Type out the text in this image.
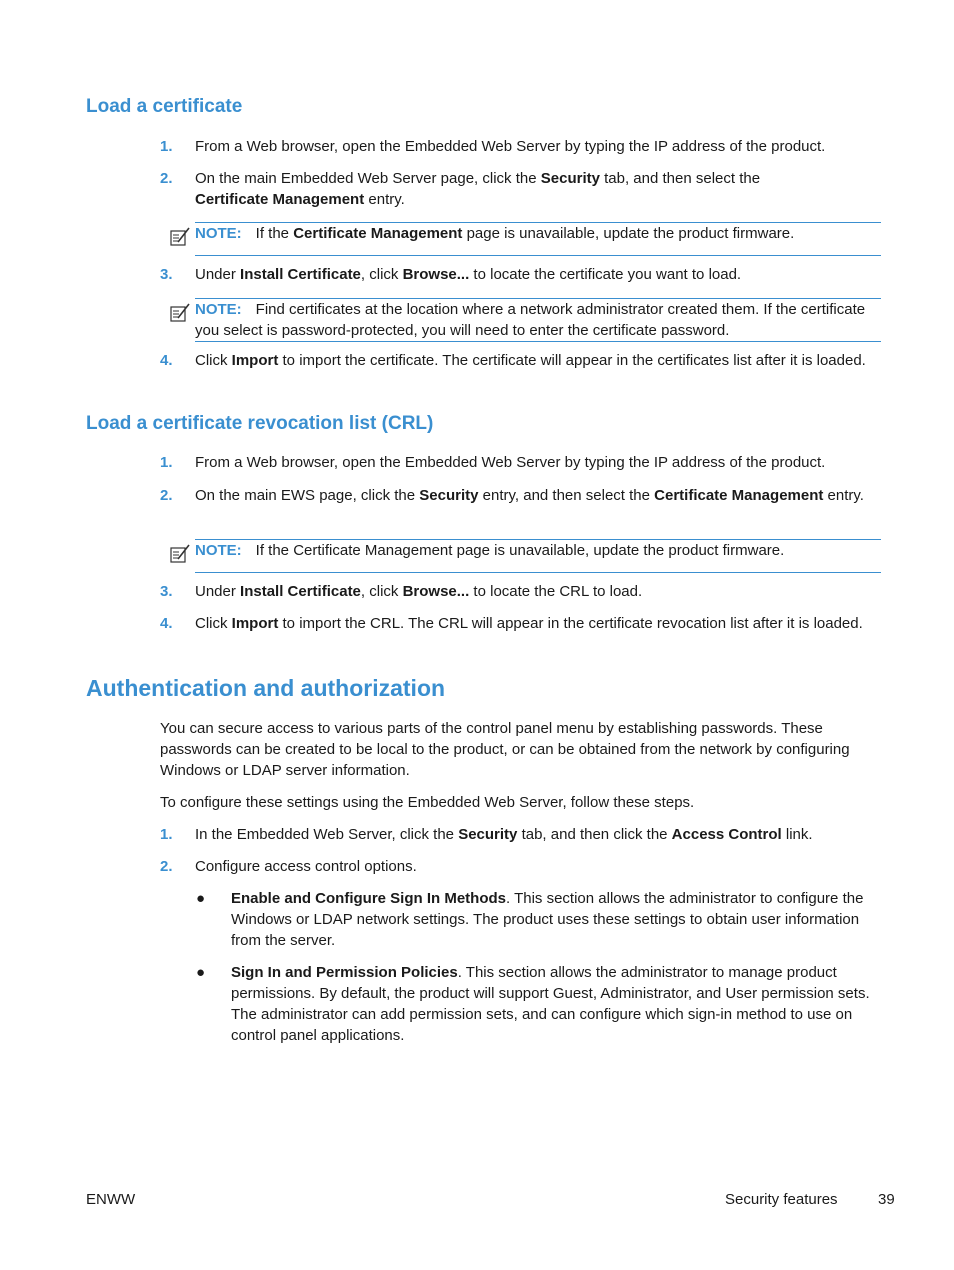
Load a certificate
1.	From a Web browser, open the Embedded Web Server by typing the IP address of the product.
2.	On the main Embedded Web Server page, click the Security tab, and then select the
Certificate Management entry.
NOTE: If the Certificate Management page is unavailable, update the product firmware.
3.	Under Install Certificate, click Browse... to locate the certificate you want to load.
NOTE: Find certificates at the location where a network administrator created them. If the certificate you select is password-protected, you will need to enter the certificate password.
4.	Click Import to import the certificate. The certificate will appear in the certificates list after it is loaded.
Load a certificate revocation list (CRL)
1.	From a Web browser, open the Embedded Web Server by typing the IP address of the product.
2.	On the main EWS page, click the Security entry, and then select the Certificate Management entry.
NOTE: If the Certificate Management page is unavailable, update the product firmware.
3.	Under Install Certificate, click Browse... to locate the CRL to load.
4.	Click Import to import the CRL. The CRL will appear in the certificate revocation list after it is loaded.
Authentication and authorization
You can secure access to various parts of the control panel menu by establishing passwords. These passwords can be created to be local to the product, or can be obtained from the network by configuring Windows or LDAP server information.
To configure these settings using the Embedded Web Server, follow these steps.
1.	In the Embedded Web Server, click the Security tab, and then click the Access Control link.
2.	Configure access control options.
● Enable and Configure Sign In Methods. This section allows the administrator to configure the Windows or LDAP network settings. The product uses these settings to obtain user information from the server.
● Sign In and Permission Policies. This section allows the administrator to manage product permissions. By default, the product will support Guest, Administrator, and User permission sets. The administrator can add permission sets, and can configure which sign-in method to use on control panel applications.
ENWW	Security features	39
